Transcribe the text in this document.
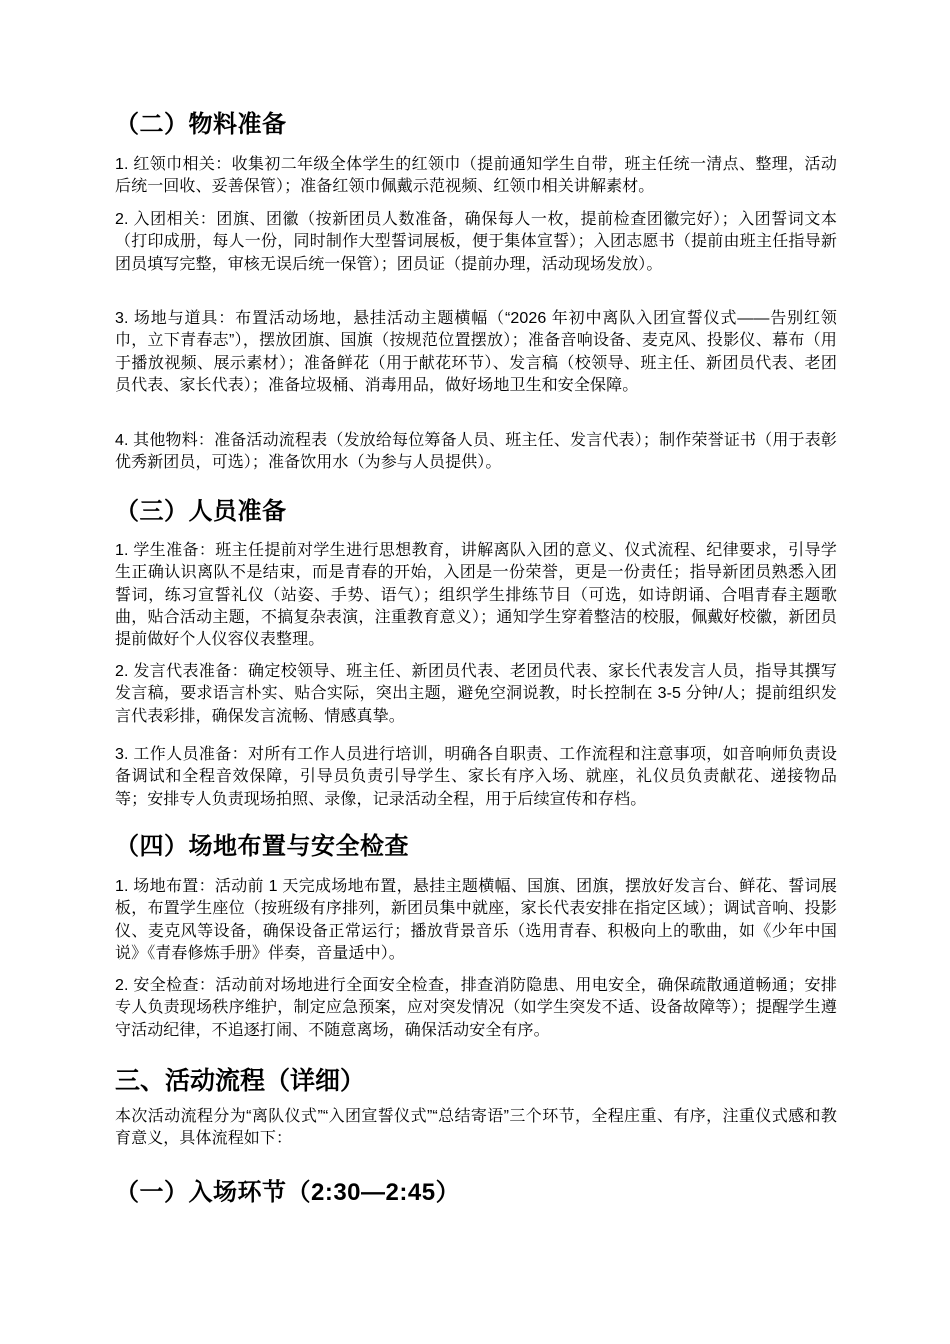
（二）物料准备

1. 红领巾相关：收集初二年级全体学生的红领巾（提前通知学生自带，班主任统一清点、整理，活动后统一回收、妥善保管）；准备红领巾佩戴示范视频、红领巾相关讲解素材。

2. 入团相关：团旗、团徽（按新团员人数准备，确保每人一枚，提前检查团徽完好）；入团誓词文本（打印成册，每人一份，同时制作大型誓词展板，便于集体宣誓）；入团志愿书（提前由班主任指导新团员填写完整，审核无误后统一保管）；团员证（提前办理，活动现场发放）。

3. 场地与道具：布置活动场地，悬挂活动主题横幅（“2026 年初中离队入团宣誓仪式——告别红领巾，立下青春志”），摆放团旗、国旗（按规范位置摆放）；准备音响设备、麦克风、投影仪、幕布（用于播放视频、展示素材）；准备鲜花（用于献花环节）、发言稿（校领导、班主任、新团员代表、老团员代表、家长代表）；准备垃圾桶、消毒用品，做好场地卫生和安全保障。

4. 其他物料：准备活动流程表（发放给每位筹备人员、班主任、发言代表）；制作荣誉证书（用于表彰优秀新团员，可选）；准备饮用水（为参与人员提供）。

（三）人员准备

1. 学生准备：班主任提前对学生进行思想教育，讲解离队入团的意义、仪式流程、纪律要求，引导学生正确认识离队不是结束，而是青春的开始，入团是一份荣誉，更是一份责任；指导新团员熟悉入团誓词，练习宣誓礼仪（站姿、手势、语气）；组织学生排练节目（可选，如诗朗诵、合唱青春主题歌曲，贴合活动主题，不搞复杂表演，注重教育意义）；通知学生穿着整洁的校服，佩戴好校徽，新团员提前做好个人仪容仪表整理。

2. 发言代表准备：确定校领导、班主任、新团员代表、老团员代表、家长代表发言人员，指导其撰写发言稿，要求语言朴实、贴合实际，突出主题，避免空洞说教，时长控制在 3-5 分钟/人；提前组织发言代表彩排，确保发言流畅、情感真挚。

3. 工作人员准备：对所有工作人员进行培训，明确各自职责、工作流程和注意事项，如音响师负责设备调试和全程音效保障，引导员负责引导学生、家长有序入场、就座，礼仪员负责献花、递接物品等；安排专人负责现场拍照、录像，记录活动全程，用于后续宣传和存档。

（四）场地布置与安全检查

1. 场地布置：活动前 1 天完成场地布置，悬挂主题横幅、国旗、团旗，摆放好发言台、鲜花、誓词展板，布置学生座位（按班级有序排列，新团员集中就座，家长代表安排在指定区域）；调试音响、投影仪、麦克风等设备，确保设备正常运行；播放背景音乐（选用青春、积极向上的歌曲，如《少年中国说》《青春修炼手册》伴奏，音量适中）。

2. 安全检查：活动前对场地进行全面安全检查，排查消防隐患、用电安全，确保疏散通道畅通；安排专人负责现场秩序维护，制定应急预案，应对突发情况（如学生突发不适、设备故障等）；提醒学生遵守活动纪律，不追逐打闹、不随意离场，确保活动安全有序。

三、活动流程（详细）

本次活动流程分为“离队仪式”“入团宣誓仪式”“总结寄语”三个环节，全程庄重、有序，注重仪式感和教育意义，具体流程如下：

（一）入场环节（2:30—2:45）
